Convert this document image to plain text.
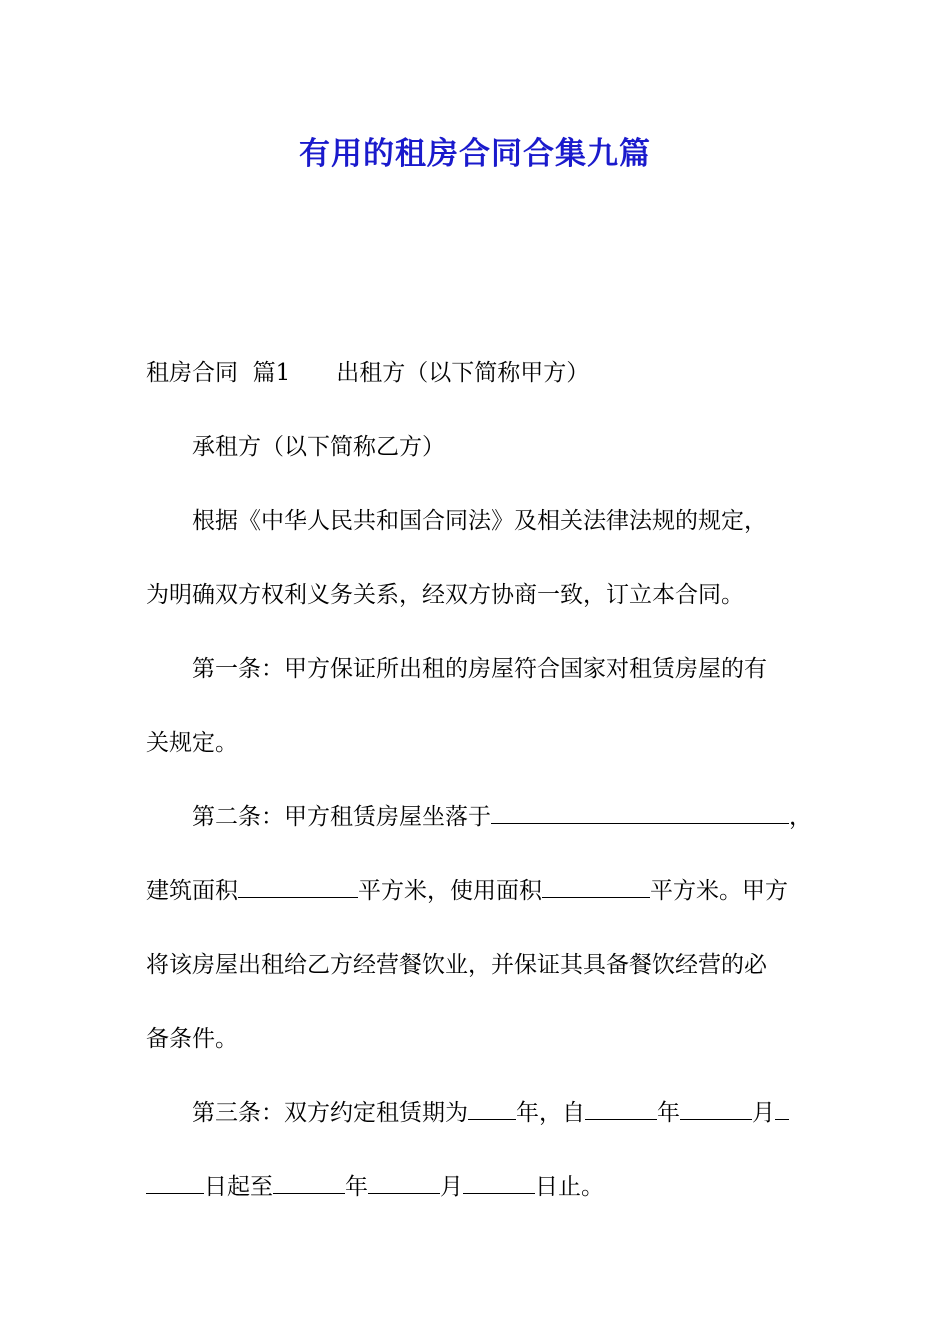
有用的租房合同合集九篇
租房合同  篇1 出租方（以下简称甲方）
承租方（以下简称乙方）
根据《中华人民共和国合同法》及相关法律法规的规定，
为明确双方权利义务关系，经双方协商一致，订立本合同。
第一条：甲方保证所出租的房屋符合国家对租赁房屋的有
关规定。
第二条：甲方租赁房屋坐落于	，
建筑面积	平方米，使用面积	平方米。甲方
将该房屋出租给乙方经营餐饮业，并保证其具备餐饮经营的必
备条件。
第三条：双方约定租赁期为 年，自	年	月
日起至	年	月	日止。
